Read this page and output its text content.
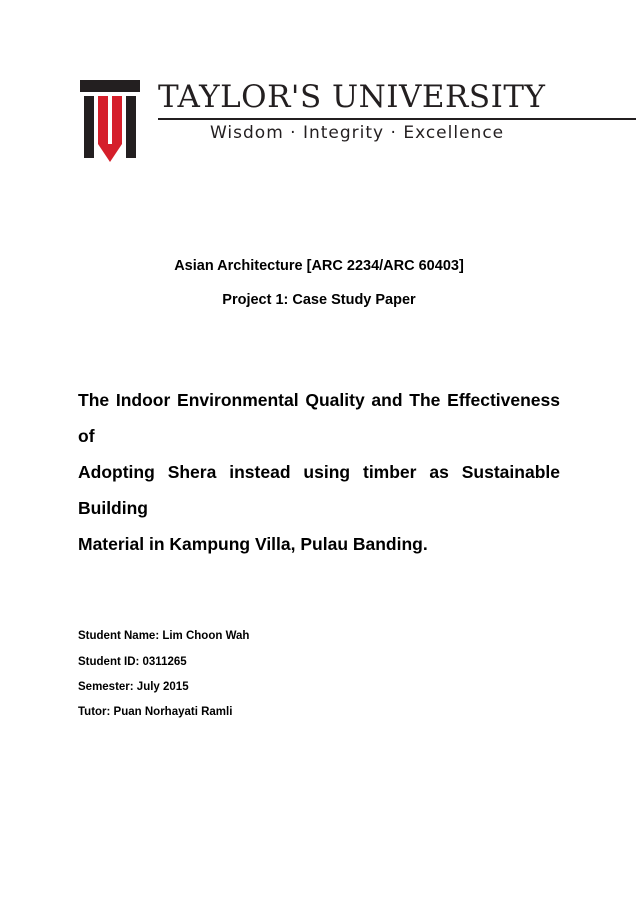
TAYLOR'S UNIVERSITY
Wisdom · Integrity · Excellence
Asian Architecture [ARC 2234/ARC 60403]
Project 1: Case Study Paper
The Indoor Environmental Quality and The Effectiveness of
Adopting Shera instead using timber as Sustainable Building
Material in Kampung Villa, Pulau Banding.
Student Name: Lim Choon Wah
Student ID: 0311265
Semester: July 2015
Tutor: Puan Norhayati Ramli
